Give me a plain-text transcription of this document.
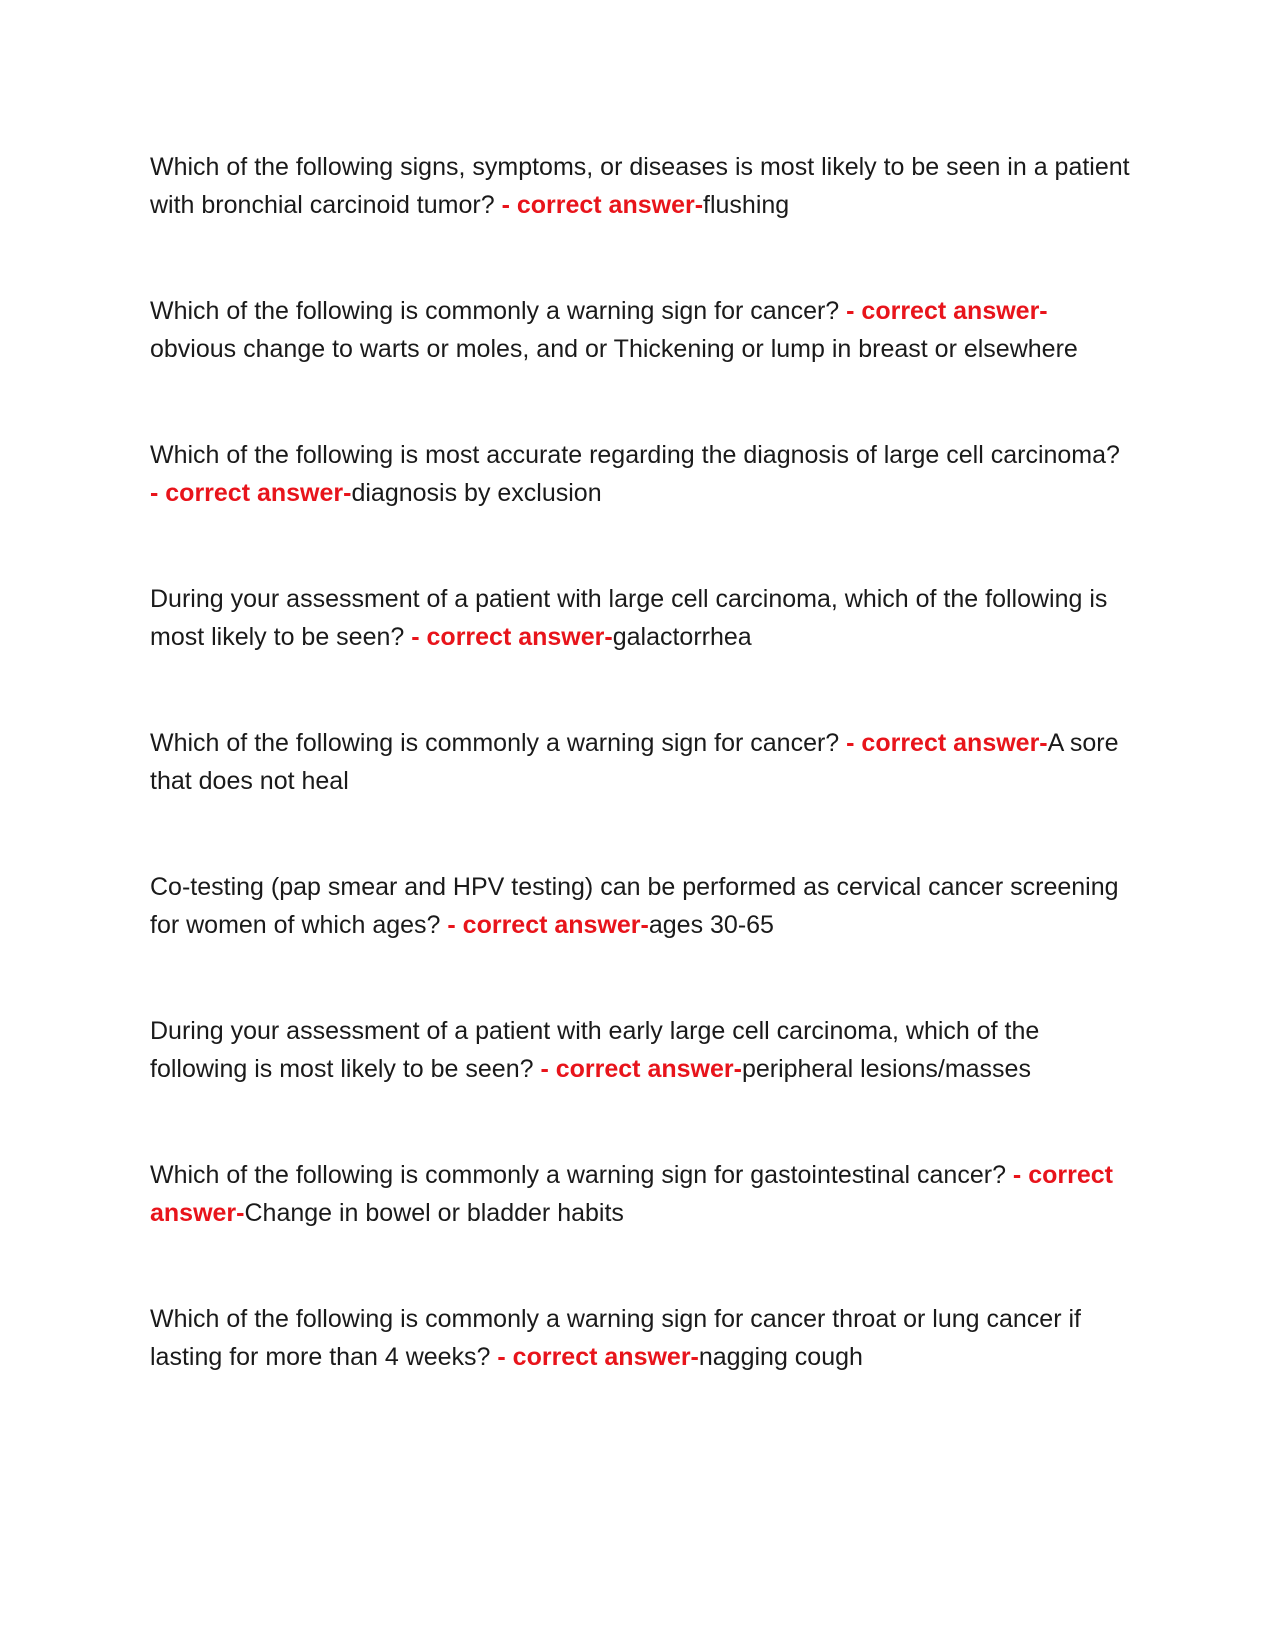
Which of the following signs, symptoms, or diseases is most likely to be seen in a patient with bronchial carcinoid tumor? - correct answer-flushing
Which of the following is commonly a warning sign for cancer? - correct answer-obvious change to warts or moles, and or Thickening or lump in breast or elsewhere
Which of the following is most accurate regarding the diagnosis of large cell carcinoma? - correct answer-diagnosis by exclusion
During your assessment of a patient with large cell carcinoma, which of the following is most likely to be seen? - correct answer-galactorrhea
Which of the following is commonly a warning sign for cancer? - correct answer-A sore that does not heal
Co-testing (pap smear and HPV testing) can be performed as cervical cancer screening for women of which ages? - correct answer-ages 30-65
During your assessment of a patient with early large cell carcinoma, which of the following is most likely to be seen? - correct answer-peripheral lesions/masses
Which of the following is commonly a warning sign for gastointestinal cancer? - correct answer-Change in bowel or bladder habits
Which of the following is commonly a warning sign for cancer throat or lung cancer if lasting for more than 4 weeks? - correct answer-nagging cough
